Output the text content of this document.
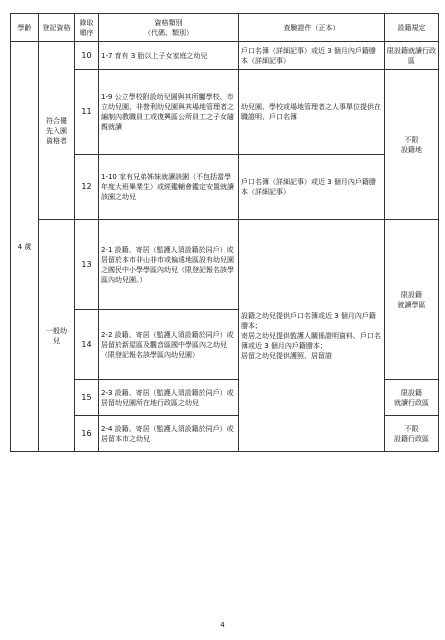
學齡	登記資格	錄取順序	資格類別
（代碼、類別）	查驗證件（正本）	設籍規定
4 歲	符合優先入園資格者	10	1-7 育有 3 胎以上子女家庭之幼兒	戶口名簿（詳細記事）或近 3 個月內戶籍謄本（詳細記事）	限設籍就讀行政區
		11	1-9 公立學校附設幼兒園與其所屬學校、市立幼兒園、非營利幼兒園與其場地管理者之編制內教職員工或復興區公所員工之子女隨親就讀	幼兒園、學校或場地管理者之人事單位提供在職證明、戶口名簿	不限
設籍地
		12	1-10 家有兄弟姊妹就讀該園（不包括當學年度大班畢業生）或經鑑輔會鑑定安置就讀該園之幼兒	戶口名簿（詳細記事）或近 3 個月內戶籍謄本（詳細記事）	
	一般幼兒	13	2-1 設籍、寄居（監護人須設籍於同戶）或居留於本市非山非市或偏遠地區設有幼兒園之國民中小學學區內幼兒（限登記報名該學區內幼兒園。）	設籍之幼兒提供戶口名簿或近 3 個月內戶籍謄本；
寄居之幼兒提供監護人關係證明資料、戶口名簿或近 3 個月內戶籍謄本；
居留之幼兒提供護照、居留證	限設籍
就讀學區
		14	2-2 設籍、寄居（監護人須設籍於同戶）或居留於新屋區及觀音區國中學區內之幼兒（限登記報名該學區內幼兒園）		
		15	2-3 設籍、寄居（監護人須設籍於同戶）或居留幼兒園所在地行政區之幼兒		限設籍
就讀行政區
		16	2-4 設籍、寄居（監護人須設籍於同戶）或居留本市之幼兒		不限
設籍行政區
4
